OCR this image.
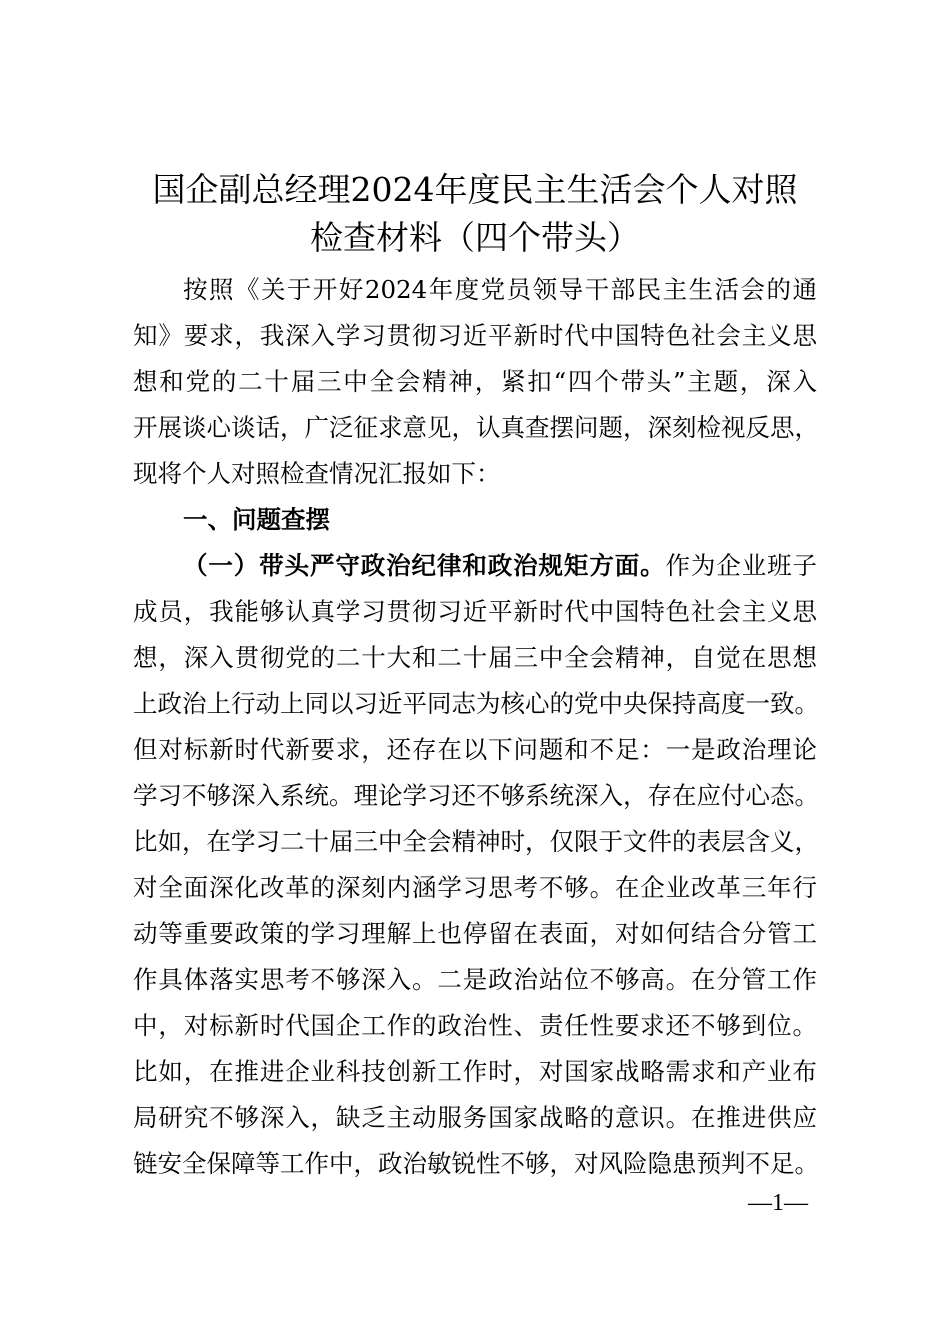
国企副总经理2024年度民主生活会个人对照
检查材料（四个带头）
按照《关于开好2024年度党员领导干部民主生活会的通
知》要求，我深入学习贯彻习近平新时代中国特色社会主义思
想和党的二十届三中全会精神，紧扣“四个带头”主题，深入
开展谈心谈话，广泛征求意见，认真查摆问题，深刻检视反思，
现将个人对照检查情况汇报如下：
一、问题查摆
（一）带头严守政治纪律和政治规矩方面。作为企业班子
成员，我能够认真学习贯彻习近平新时代中国特色社会主义思
想，深入贯彻党的二十大和二十届三中全会精神，自觉在思想
上政治上行动上同以习近平同志为核心的党中央保持高度一致。
但对标新时代新要求，还存在以下问题和不足：一是政治理论
学习不够深入系统。理论学习还不够系统深入，存在应付心态。
比如，在学习二十届三中全会精神时，仅限于文件的表层含义，
对全面深化改革的深刻内涵学习思考不够。在企业改革三年行
动等重要政策的学习理解上也停留在表面，对如何结合分管工
作具体落实思考不够深入。二是政治站位不够高。在分管工作
中，对标新时代国企工作的政治性、责任性要求还不够到位。
比如，在推进企业科技创新工作时，对国家战略需求和产业布
局研究不够深入，缺乏主动服务国家战略的意识。在推进供应
链安全保障等工作中，政治敏锐性不够，对风险隐患预判不足。
—1—
